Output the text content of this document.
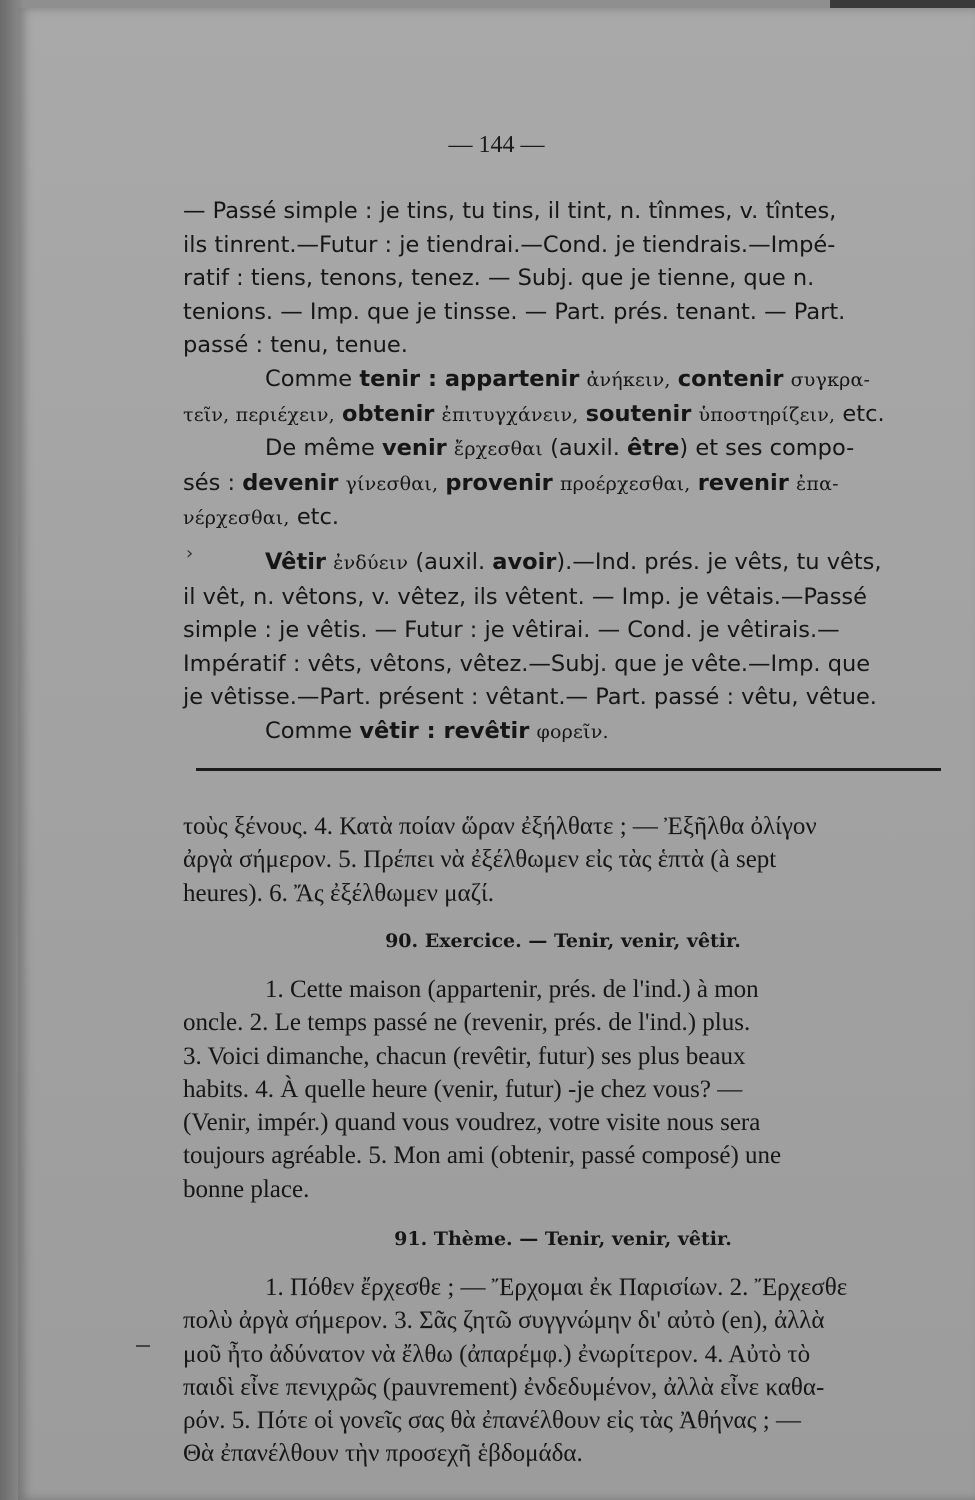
— 144 —

— Passé simple : je tins, tu tins, il tint, n. tînmes, v. tîntes,
ils tinrent.—Futur : je tiendrai.—Cond. je tiendrais.—Impé-
ratif : tiens, tenons, tenez. — Subj. que je tienne, que n.
tenions. — Imp. que je tinsse. — Part. prés. tenant. — Part.
passé : tenu, tenue.

Comme tenir : appartenir ἀνήκειν, contenir συγκρα-
τεῖν, περιέχειν, obtenir ἐπιτυγχάνειν, soutenir ὑποστηρίζειν, etc.

De même venir ἔρχεσθαι (auxil. être) et ses compo-
sés : devenir γίνεσθαι, provenir προέρχεσθαι, revenir ἐπα-
νέρχεσθαι, etc.

Vêtir ἐνδύειν (auxil. avoir).—Ind. prés. je vêts, tu vêts,
il vêt, n. vêtons, v. vêtez, ils vêtent. — Imp. je vêtais.—Passé
simple : je vêtis. — Futur : je vêtirai. — Cond. je vêtirais.—
Impératif : vêts, vêtons, vêtez.—Subj. que je vête.—Imp. que
je vêtisse.—Part. présent : vêtant.— Part. passé : vêtu, vêtue.

Comme vêtir : revêtir φορεῖν.

›

τοὺς ξένους. 4. Κατὰ ποίαν ὥραν ἐξήλθατε ; — Ἐξῆλθα ὀλίγον
ἀργὰ σήμερον. 5. Πρέπει νὰ ἐξέλθωμεν εἰς τὰς ἑπτὰ (à sept
heures). 6. Ἄς ἐξέλθωμεν μαζί.

90. Exercice. — Tenir, venir, vêtir.

1. Cette maison (appartenir, prés. de l'ind.) à mon
oncle. 2. Le temps passé ne (revenir, prés. de l'ind.) plus.
3. Voici dimanche, chacun (revêtir, futur) ses plus beaux
habits. 4. À quelle heure (venir, futur) -je chez vous? —
(Venir, impér.) quand vous voudrez, votre visite nous sera
toujours agréable. 5. Mon ami (obtenir, passé composé) une
bonne place.

91. Thème. — Tenir, venir, vêtir.

1. Πόθεν ἔρχεσθε ; — Ἔρχομαι ἐκ Παρισίων. 2. Ἔρχεσθε
πολὺ ἀργὰ σήμερον. 3. Σᾶς ζητῶ συγγνώμην δι' αὐτὸ (en), ἀλλὰ
μοῦ ἦτο ἀδύνατον νὰ ἔλθω (ἀπαρέμφ.) ἐνωρίτερον. 4. Αὐτὸ τὸ
παιδὶ εἶνε πενιχρῶς (pauvrement) ἐνδεδυμένον, ἀλλὰ εἶνε καθα-
ρόν. 5. Πότε οἱ γονεῖς σας θὰ ἐπανέλθουν εἰς τὰς Ἀθήνας ; —
Θὰ ἐπανέλθουν τὴν προσεχῆ ἑβδομάδα.
